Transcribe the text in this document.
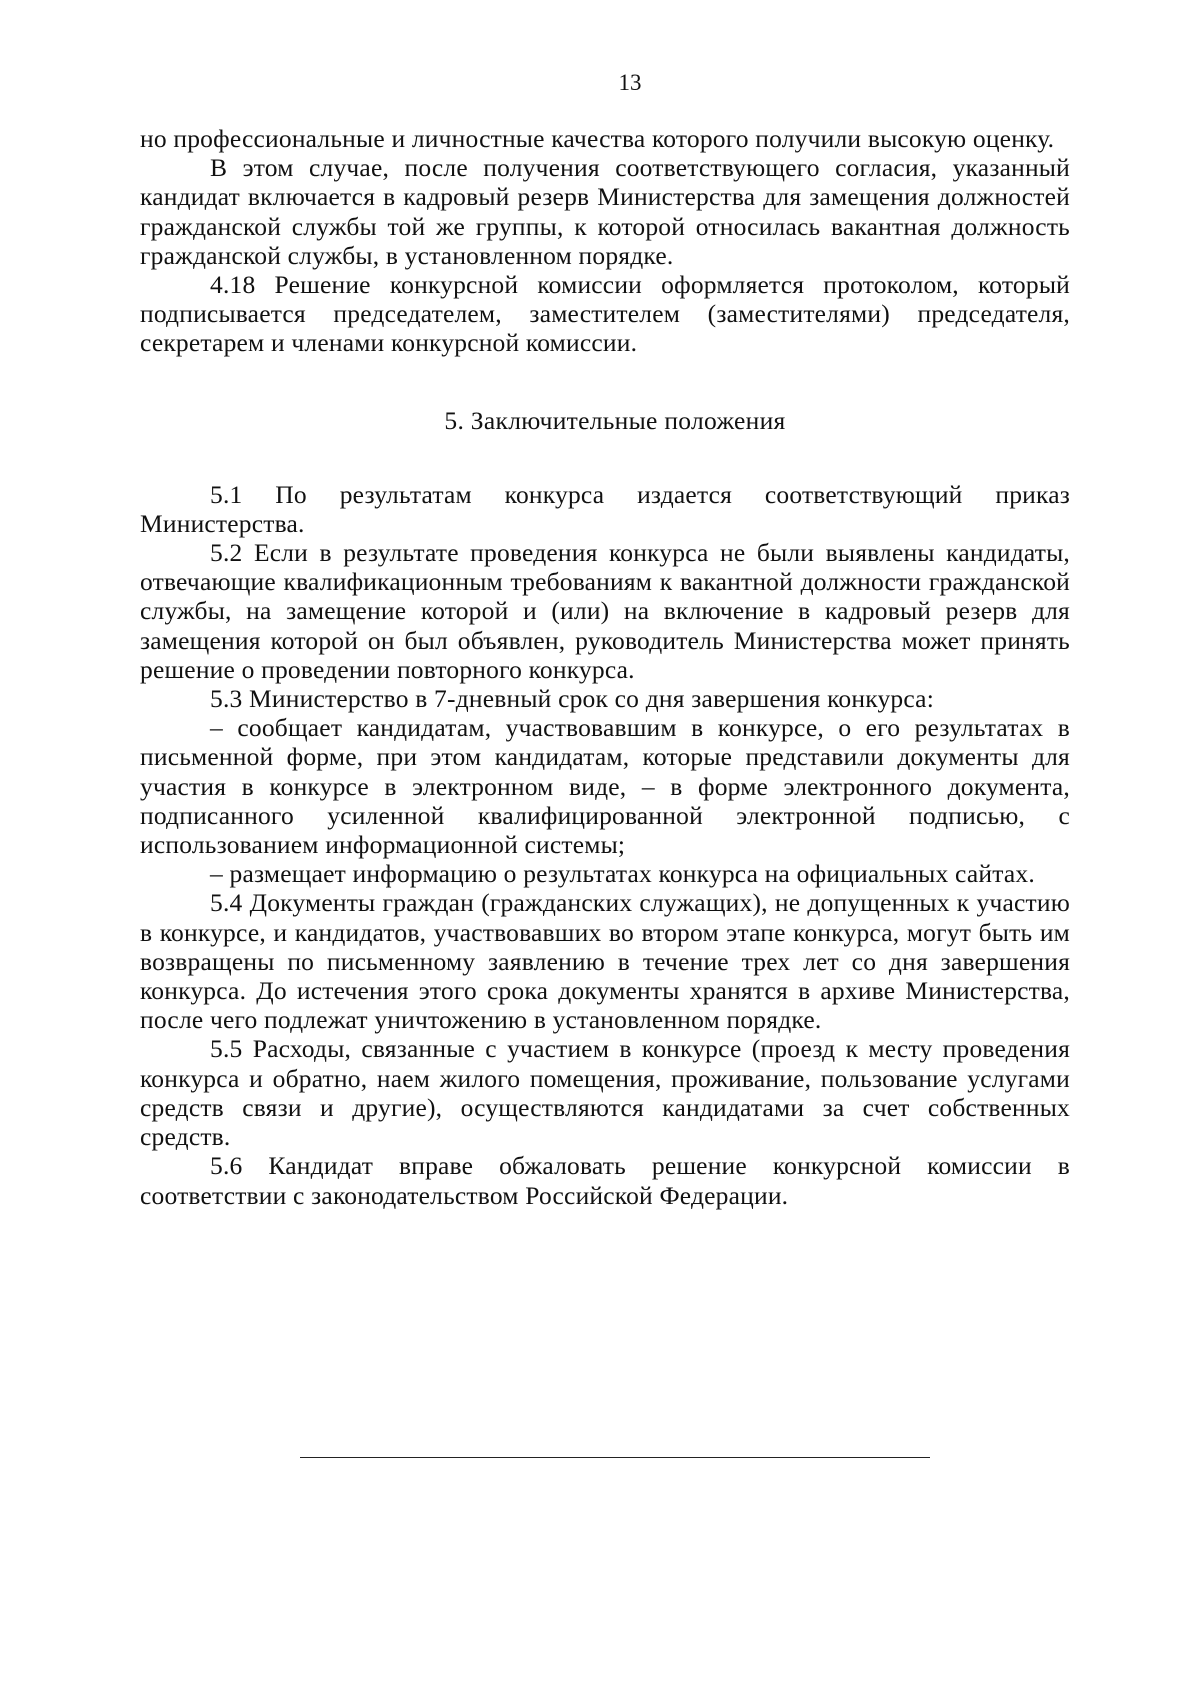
13

но профессиональные и личностные качества которого получили высокую оценку.

В этом случае, после получения соответствующего согласия, указанный кандидат включается в кадровый резерв Министерства для замещения должностей гражданской службы той же группы, к которой относилась вакантная должность гражданской службы, в установленном порядке.

4.18 Решение конкурсной комиссии оформляется протоколом, который подписывается председателем, заместителем (заместителями) председателя, секретарем и членами конкурсной комиссии.

5. Заключительные положения

5.1 По результатам конкурса издается соответствующий приказ Министерства.

5.2 Если в результате проведения конкурса не были выявлены кандидаты, отвечающие квалификационным требованиям к вакантной должности гражданской службы, на замещение которой и (или) на включение в кадровый резерв для замещения которой он был объявлен, руководитель Министерства может принять решение о проведении повторного конкурса.

5.3 Министерство в 7-дневный срок со дня завершения конкурса:

– сообщает кандидатам, участвовавшим в конкурсе, о его результатах в письменной форме, при этом кандидатам, которые представили документы для участия в конкурсе в электронном виде, – в форме электронного документа, подписанного усиленной квалифицированной электронной подписью, с использованием информационной системы;

– размещает информацию о результатах конкурса на официальных сайтах.

5.4 Документы граждан (гражданских служащих), не допущенных к участию в конкурсе, и кандидатов, участвовавших во втором этапе конкурса, могут быть им возвращены по письменному заявлению в течение трех лет со дня завершения конкурса. До истечения этого срока документы хранятся в архиве Министерства, после чего подлежат уничтожению в установленном порядке.

5.5 Расходы, связанные с участием в конкурсе (проезд к месту проведения конкурса и обратно, наем жилого помещения, проживание, пользование услугами средств связи и другие), осуществляются кандидатами за счет собственных средств.

5.6 Кандидат вправе обжаловать решение конкурсной комиссии в соответствии с законодательством Российской Федерации.
